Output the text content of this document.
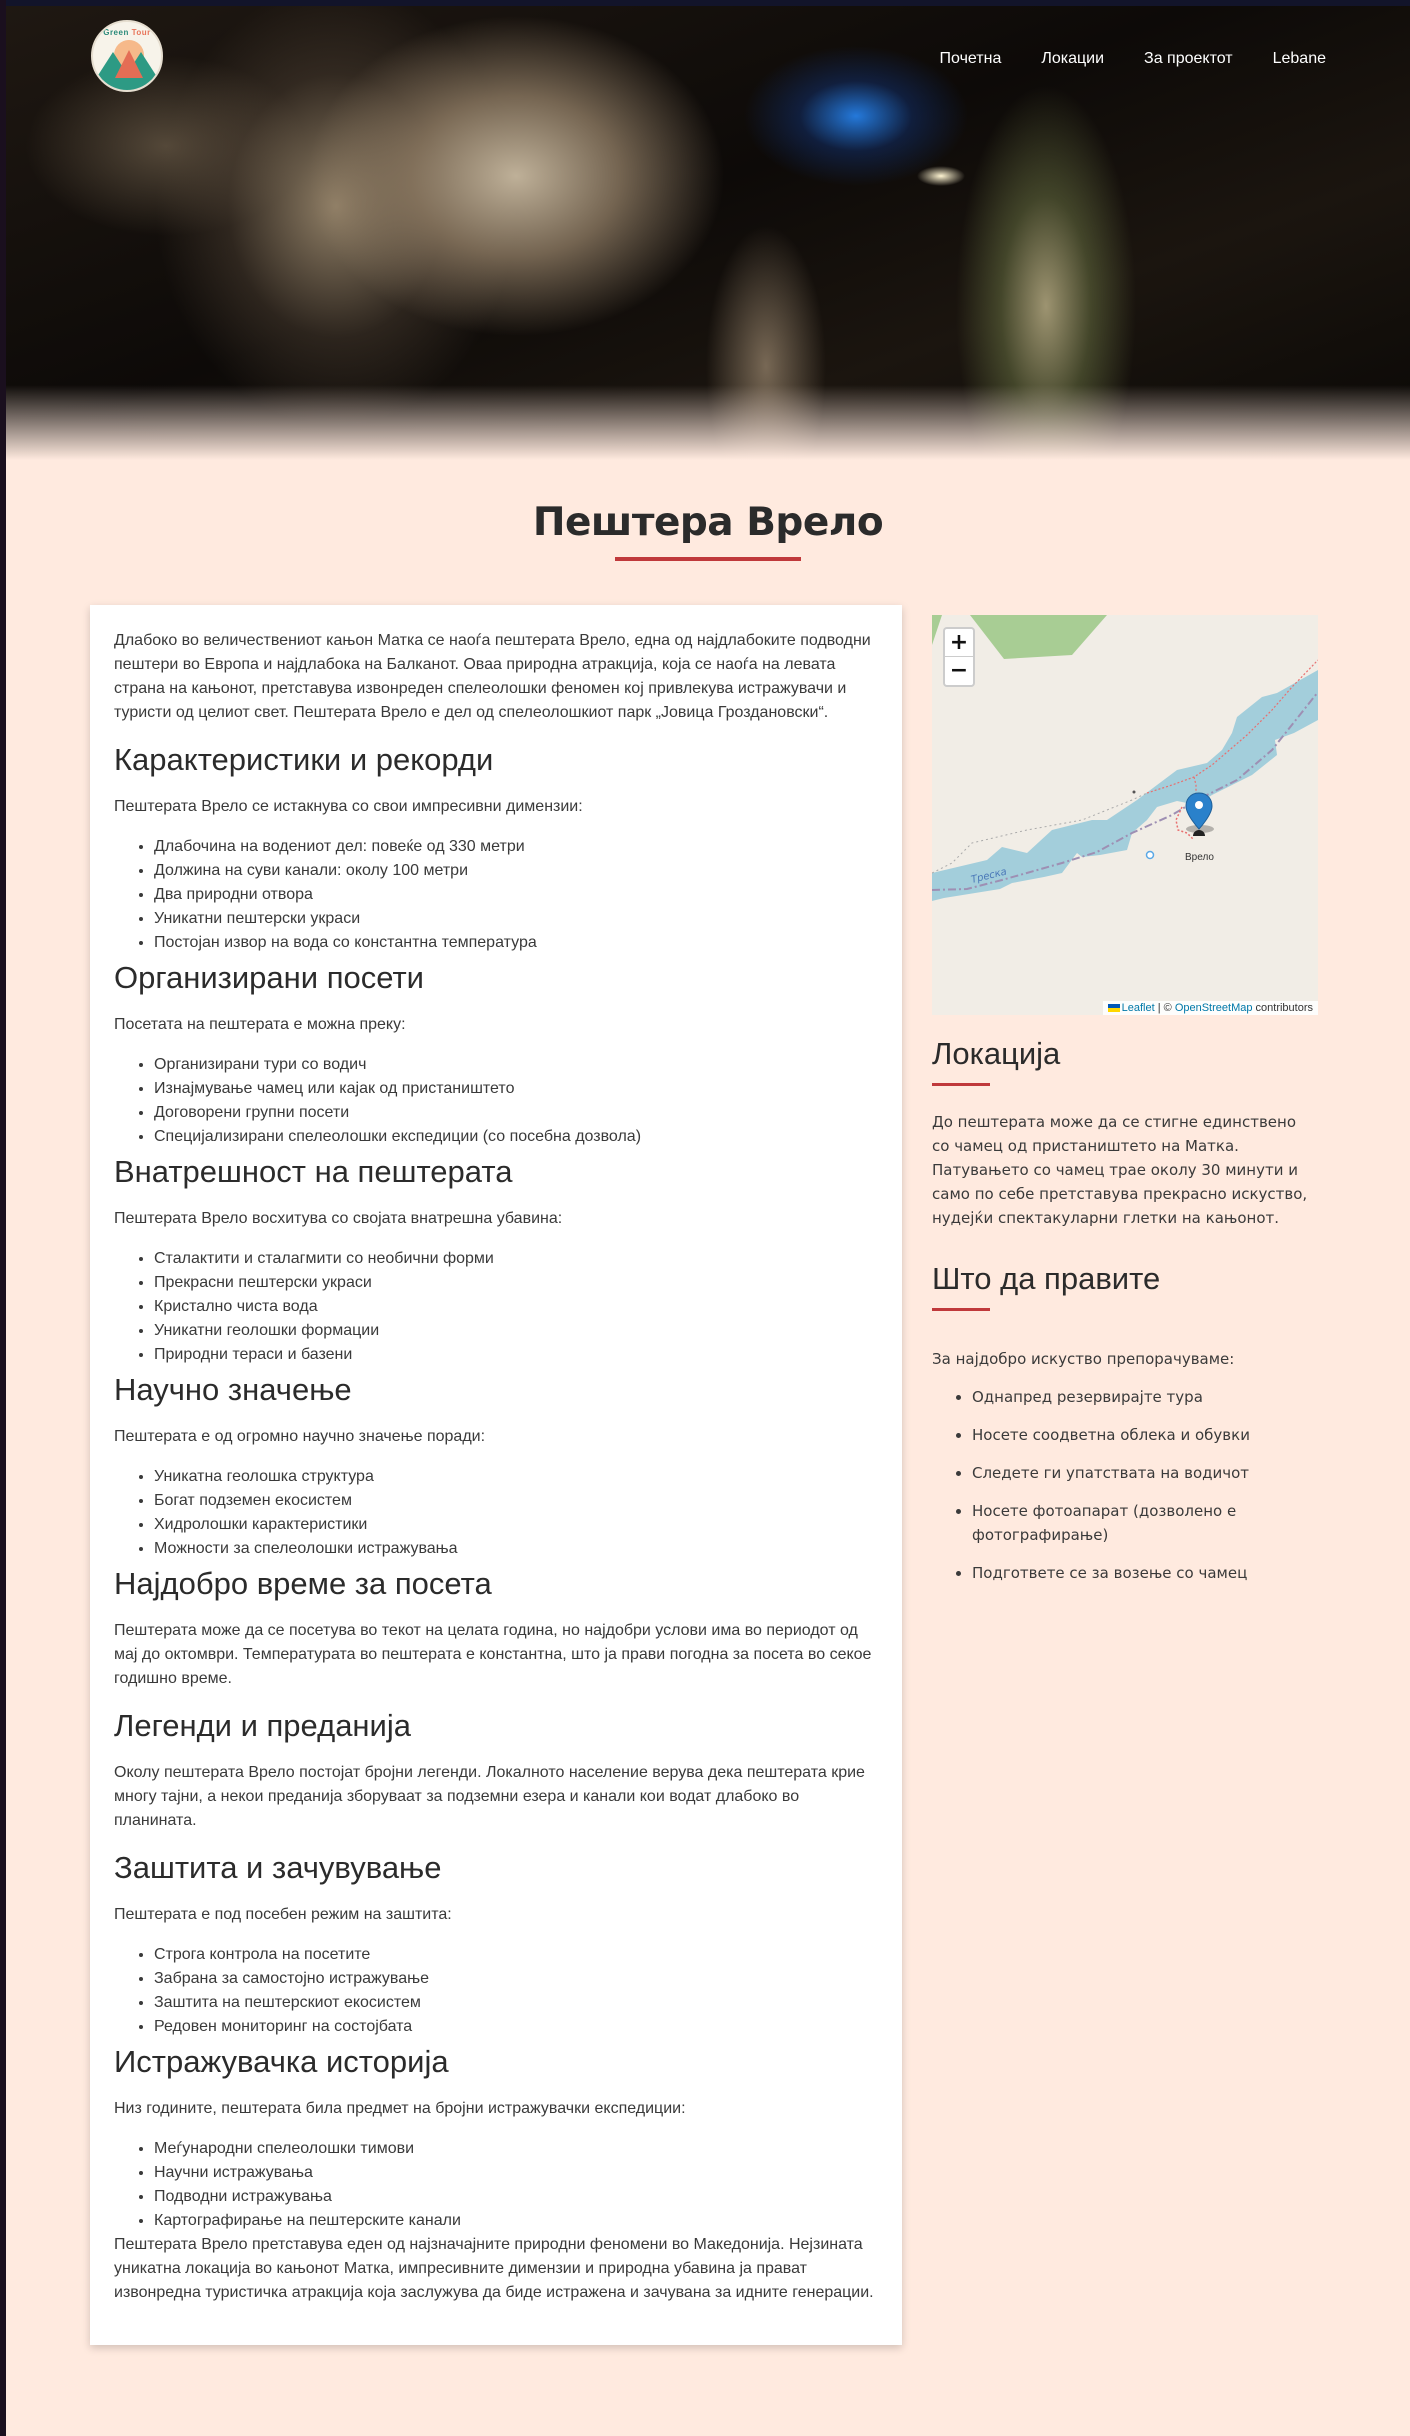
Green Tour
Почетна	Локации	За проектот	Lebane
Пештера Врело

Длабоко во величествениот кањон Матка се наоѓа пештерата Врело, една од најдлабоките подводни пештери во Европа и најдлабока на Балканот. Оваа природна атракција, која се наоѓа на левата страна на кањонот, претставува извонреден спелеолошки феномен кој привлекува истражувачи и туристи од целиот свет. Пештерата Врело е дел од спелеолошкиот парк „Јовица Гроздановски“.

Карактеристики и рекорди

Пештерата Врело се истакнува со свои импресивни димензии:

• Длабочина на водениот дел: повеќе од 330 метри
• Должина на суви канали: околу 100 метри
• Два природни отвора
• Уникатни пештерски украси
• Постојан извор на вода со константна температура
Организирани посети

Посетата на пештерата е можна преку:

• Организирани тури со водич
• Изнајмување чамец или кајак од пристаништето
• Договорени групни посети
• Специјализирани спелеолошки експедиции (со посебна дозвола)
Внатрешност на пештерата

Пештерата Врело восхитува со својата внатрешна убавина:

• Сталактити и сталагмити со необични форми
• Прекрасни пештерски украси
• Кристално чиста вода
• Уникатни геолошки формации
• Природни тераси и базени
Научно значење

Пештерата е од огромно научно значење поради:

• Уникатна геолошка структура
• Богат подземен екосистем
• Хидролошки карактеристики
• Можности за спелеолошки истражувања
Најдобро време за посета

Пештерата може да се посетува во текот на целата година, но најдобри услови има во периодот од мај до октомври. Температурата во пештерата е константна, што ја прави погодна за посета во секое годишно време.

Легенди и преданија

Околу пештерата Врело постојат бројни легенди. Локалното население верува дека пештерата крие многу тајни, а некои преданија зборуваат за подземни езера и канали кои водат длабоко во планината.

Заштита и зачувување

Пештерата е под посебен режим на заштита:

• Строга контрола на посетите
• Забрана за самостојно истражување
• Заштита на пештерскиот екосистем
• Редовен мониторинг на состојбата
Истражувачка историја

Низ годините, пештерата била предмет на бројни истражувачки експедиции:

• Меѓународни спелеолошки тимови
• Научни истражувања
• Подводни истражувања
• Картографирање на пештерските канали

Пештерата Врело претставува еден од најзначајните природни феномени во Македонија. Нејзината уникатна локација во кањонот Матка, импресивните димензии и природна убавина ја прават извонредна туристичка атракција која заслужува да биде истражена и зачувана за идните генерации.

Треска
+
−
Врело
Leaflet | © OpenStreetMap contributors
Локација

До пештерата може да се стигне единствено со чамец од пристаништето на Матка. Патувањето со чамец трае околу 30 минути и само по себе претставува прекрасно искуство, нудејќи спектакуларни глетки на кањонот.

Што да правите

За најдобро искуство препорачуваме:

• Однапред резервирајте тура
• Носете соодветна облека и обувки
• Следете ги упатствата на водичот
• Носете фотоапарат (дозволено е фотографирање)
• Подгответе се за возење со чамец
